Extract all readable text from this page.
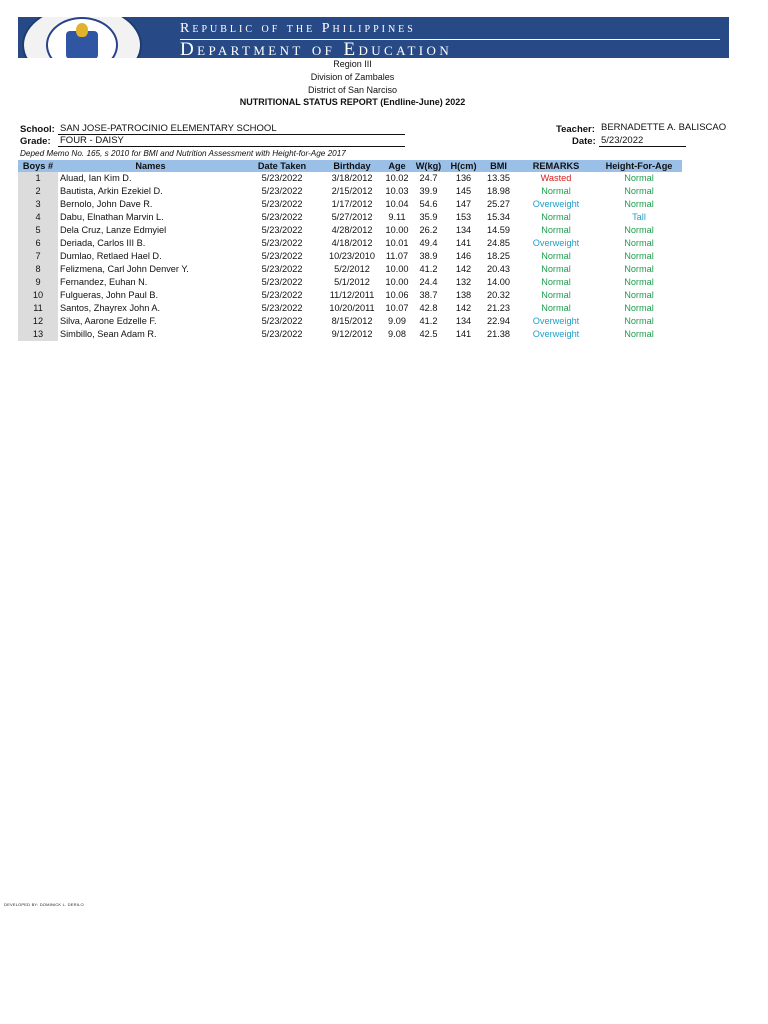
Republic of the Philippines
Department of Education
Region III
Division of Zambales
District of San Narciso
NUTRITIONAL STATUS REPORT (Endline-June) 2022
School: SAN JOSE-PATROCINIO ELEMENTARY SCHOOL
Grade: FOUR - DAISY
Teacher: BERNADETTE A. BALISCAO
Date: 5/23/2022
Deped Memo No. 165, s 2010 for BMI and Nutrition Assessment with Height-for-Age 2017
Boys #	Names	Date Taken	Birthday	Age	W(kg)	H(cm)	BMI	REMARKS	Height-For-Age
1	Aluad, Ian Kim D.	5/23/2022	3/18/2012	10.02	24.7	136	13.35	Wasted	Normal
2	Bautista, Arkin Ezekiel D.	5/23/2022	2/15/2012	10.03	39.9	145	18.98	Normal	Normal
3	Bernolo, John Dave R.	5/23/2022	1/17/2012	10.04	54.6	147	25.27	Overweight	Normal
4	Dabu, Elnathan Marvin L.	5/23/2022	5/27/2012	9.11	35.9	153	15.34	Normal	Tall
5	Dela Cruz, Lanze Edmyiel	5/23/2022	4/28/2012	10.00	26.2	134	14.59	Normal	Normal
6	Deriada, Carlos III B.	5/23/2022	4/18/2012	10.01	49.4	141	24.85	Overweight	Normal
7	Dumlao, Retlaed Hael D.	5/23/2022	10/23/2010	11.07	38.9	146	18.25	Normal	Normal
8	Felizmena, Carl John Denver Y.	5/23/2022	5/2/2012	10.00	41.2	142	20.43	Normal	Normal
9	Fernandez, Euhan N.	5/23/2022	5/1/2012	10.00	24.4	132	14.00	Normal	Normal
10	Fulgueras, John Paul B.	5/23/2022	11/12/2011	10.06	38.7	138	20.32	Normal	Normal
11	Santos, Zhayrex John A.	5/23/2022	10/20/2011	10.07	42.8	142	21.23	Normal	Normal
12	Silva, Aarone Edzelle F.	5/23/2022	8/15/2012	9.09	41.2	134	22.94	Overweight	Normal
13	Simbillo, Sean Adam R.	5/23/2022	9/12/2012	9.08	42.5	141	21.38	Overweight	Normal
DEVELOPED BY: DOMINICK L. DERILO
